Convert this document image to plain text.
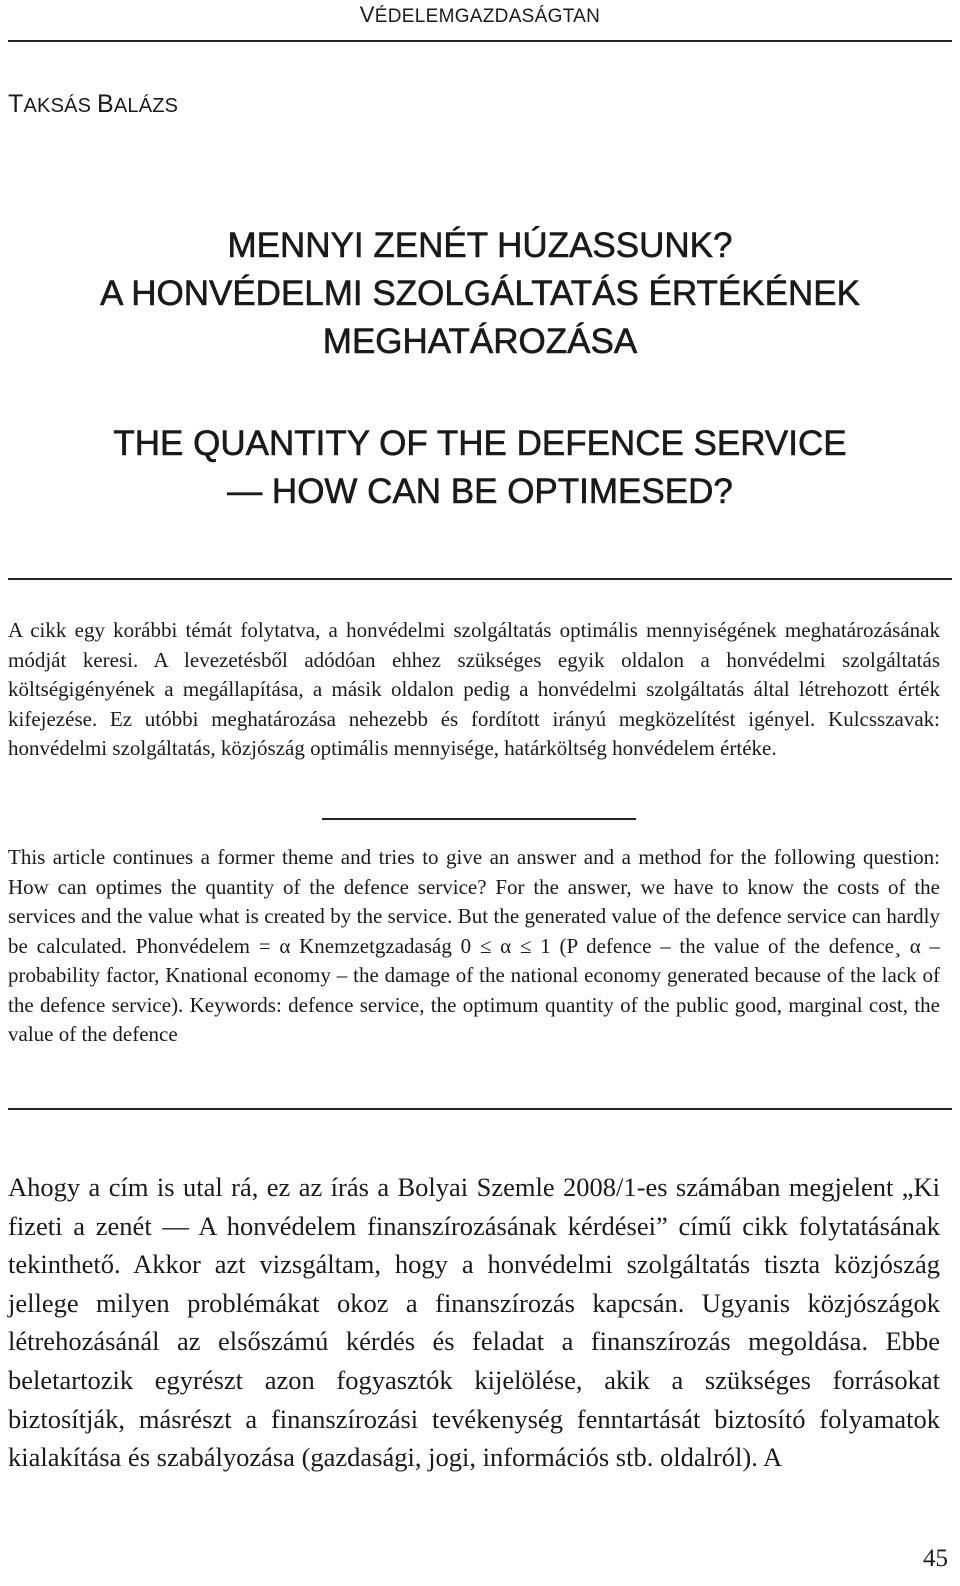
VÉDELEMGAZDASÁGTAN
TAKSÁS BALÁZS
MENNYI ZENÉT HÚZASSUNK?
A HONVÉDELMI SZOLGÁLTATÁS ÉRTÉKÉNEK
MEGHATÁROZÁSA
THE QUANTITY OF THE DEFENCE SERVICE
— HOW CAN BE OPTIMESED?

A cikk egy korábbi témát folytatva, a honvédelmi szolgáltatás optimális mennyiségének meghatározásának módját keresi. A levezetésből adódóan ehhez szükséges egyik oldalon a honvédelmi szolgáltatás költségigényének a megállapítása, a másik oldalon pedig a honvédelmi szolgáltatás által létrehozott érték kifejezése. Ez utóbbi meghatározása nehezebb és fordított irányú megközelítést igényel. Kulcsszavak: honvédelmi szolgáltatás, közjószág optimális mennyisége, határköltség honvédelem értéke.

This article continues a former theme and tries to give an answer and a method for the following question: How can optimes the quantity of the defence service? For the answer, we have to know the costs of the services and the value what is created by the service. But the generated value of the defence service can hardly be calculated. Phonvédelem = α Knemzetgzadaság 0 ≤ α ≤ 1 (P defence – the value of the defence¸ α – probability factor, Knational economy – the damage of the national economy generated because of the lack of the defence service). Keywords: defence service, the optimum quantity of the public good, marginal cost, the value of the defence

Ahogy a cím is utal rá, ez az írás a Bolyai Szemle 2008/1-es számában megjelent „Ki fizeti a zenét — A honvédelem finanszírozásának kérdései” című cikk folytatásának tekinthető. Akkor azt vizsgáltam, hogy a honvédelmi szolgáltatás tiszta közjószág jellege milyen problémákat okoz a finanszírozás kapcsán. Ugyanis közjószágok létrehozásánál az elsőszámú kérdés és feladat a finanszírozás megoldása. Ebbe beletartozik egyrészt azon fogyasztók kijelölése, akik a szükséges forrásokat biztosítják, másrészt a finanszírozási tevékenység fenntartását biztosító folyamatok kialakítása és szabályozása (gazdasági, jogi, információs stb. oldalról). A

45
